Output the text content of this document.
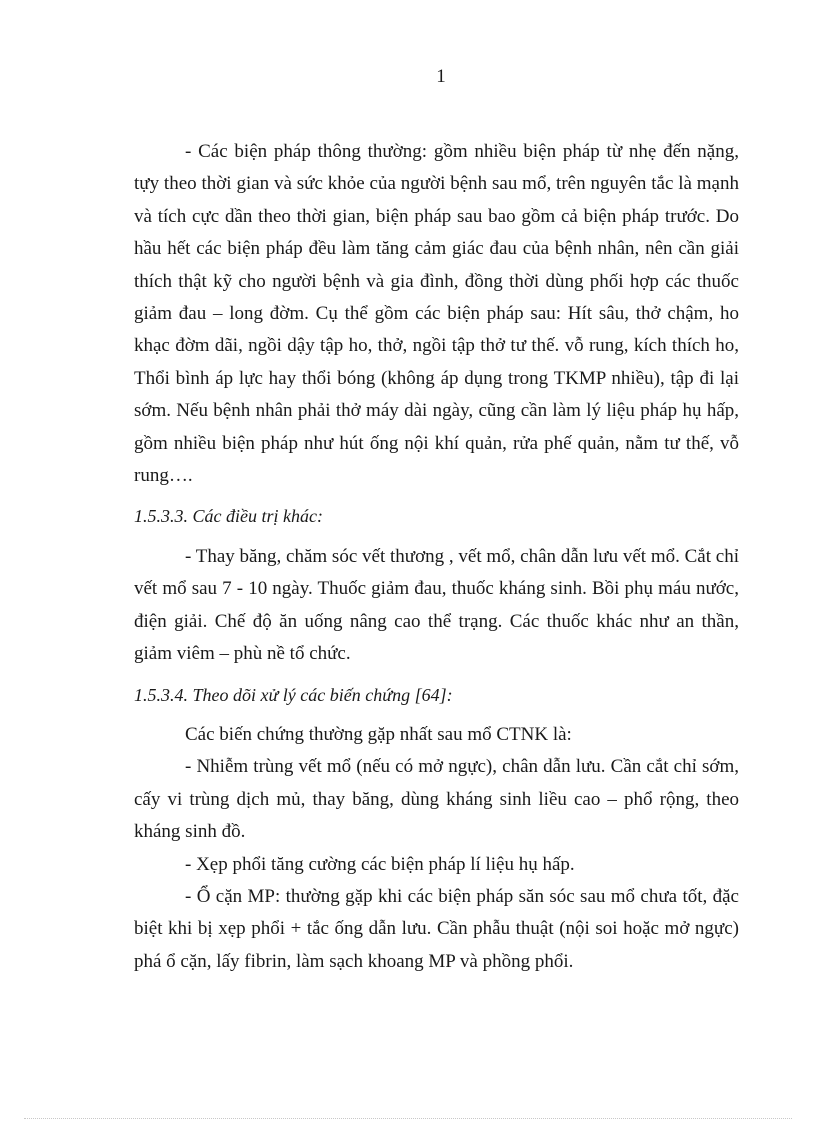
1

- Các biện pháp thông thường: gồm nhiều biện pháp từ nhẹ đến nặng, tựy theo thời gian và sức khỏe của người bệnh sau mổ, trên nguyên tắc là mạnh và tích cực dần theo thời gian, biện pháp sau bao gồm cả biện pháp trước. Do hầu hết các biện pháp đều làm tăng cảm giác đau của bệnh nhân, nên cần giải thích thật kỹ cho người bệnh và gia đình, đồng thời dùng phối hợp các thuốc giảm đau – long đờm. Cụ thể gồm các biện pháp sau: Hít sâu, thở chậm, ho khạc đờm dãi, ngồi dậy tập ho, thở, ngồi tập thở tư thế. vỗ rung, kích thích ho, Thổi bình áp lực hay thổi bóng (không áp dụng trong TKMP nhiều), tập đi lại sớm. Nếu bệnh nhân phải thở máy dài ngày, cũng cần làm lý liệu pháp hụ hấp, gồm nhiều biện pháp như hút ống nội khí quản, rửa phế quản, nằm tư thế, vỗ rung….

1.5.3.3. Các điều trị khác:

- Thay băng, chăm sóc vết thương , vết mổ, chân dẫn lưu vết mổ. Cắt chỉ vết mổ sau 7 - 10 ngày. Thuốc giảm đau, thuốc kháng sinh. Bồi phụ máu nước, điện giải. Chế độ ăn uống nâng cao thể trạng. Các thuốc khác như an thần, giảm viêm – phù nề tổ chức.

1.5.3.4. Theo dõi xử lý các biến chứng [64]:

Các biến chứng thường gặp nhất sau mổ CTNK là:

- Nhiễm trùng vết mổ (nếu có mở ngực), chân dẫn lưu. Cần cắt chỉ sớm, cấy vi trùng dịch mủ, thay băng, dùng kháng sinh liều cao – phổ rộng, theo kháng sinh đồ.

- Xẹp phổi tăng cường các biện pháp lí liệu hụ hấp.

- Ổ cặn MP: thường gặp khi các biện pháp săn sóc sau mổ chưa tốt, đặc biệt khi bị xẹp phổi + tắc ống dẫn lưu. Cần phẫu thuật (nội soi hoặc mở ngực) phá ổ cặn, lấy fibrin, làm sạch khoang MP và phồng phổi.
